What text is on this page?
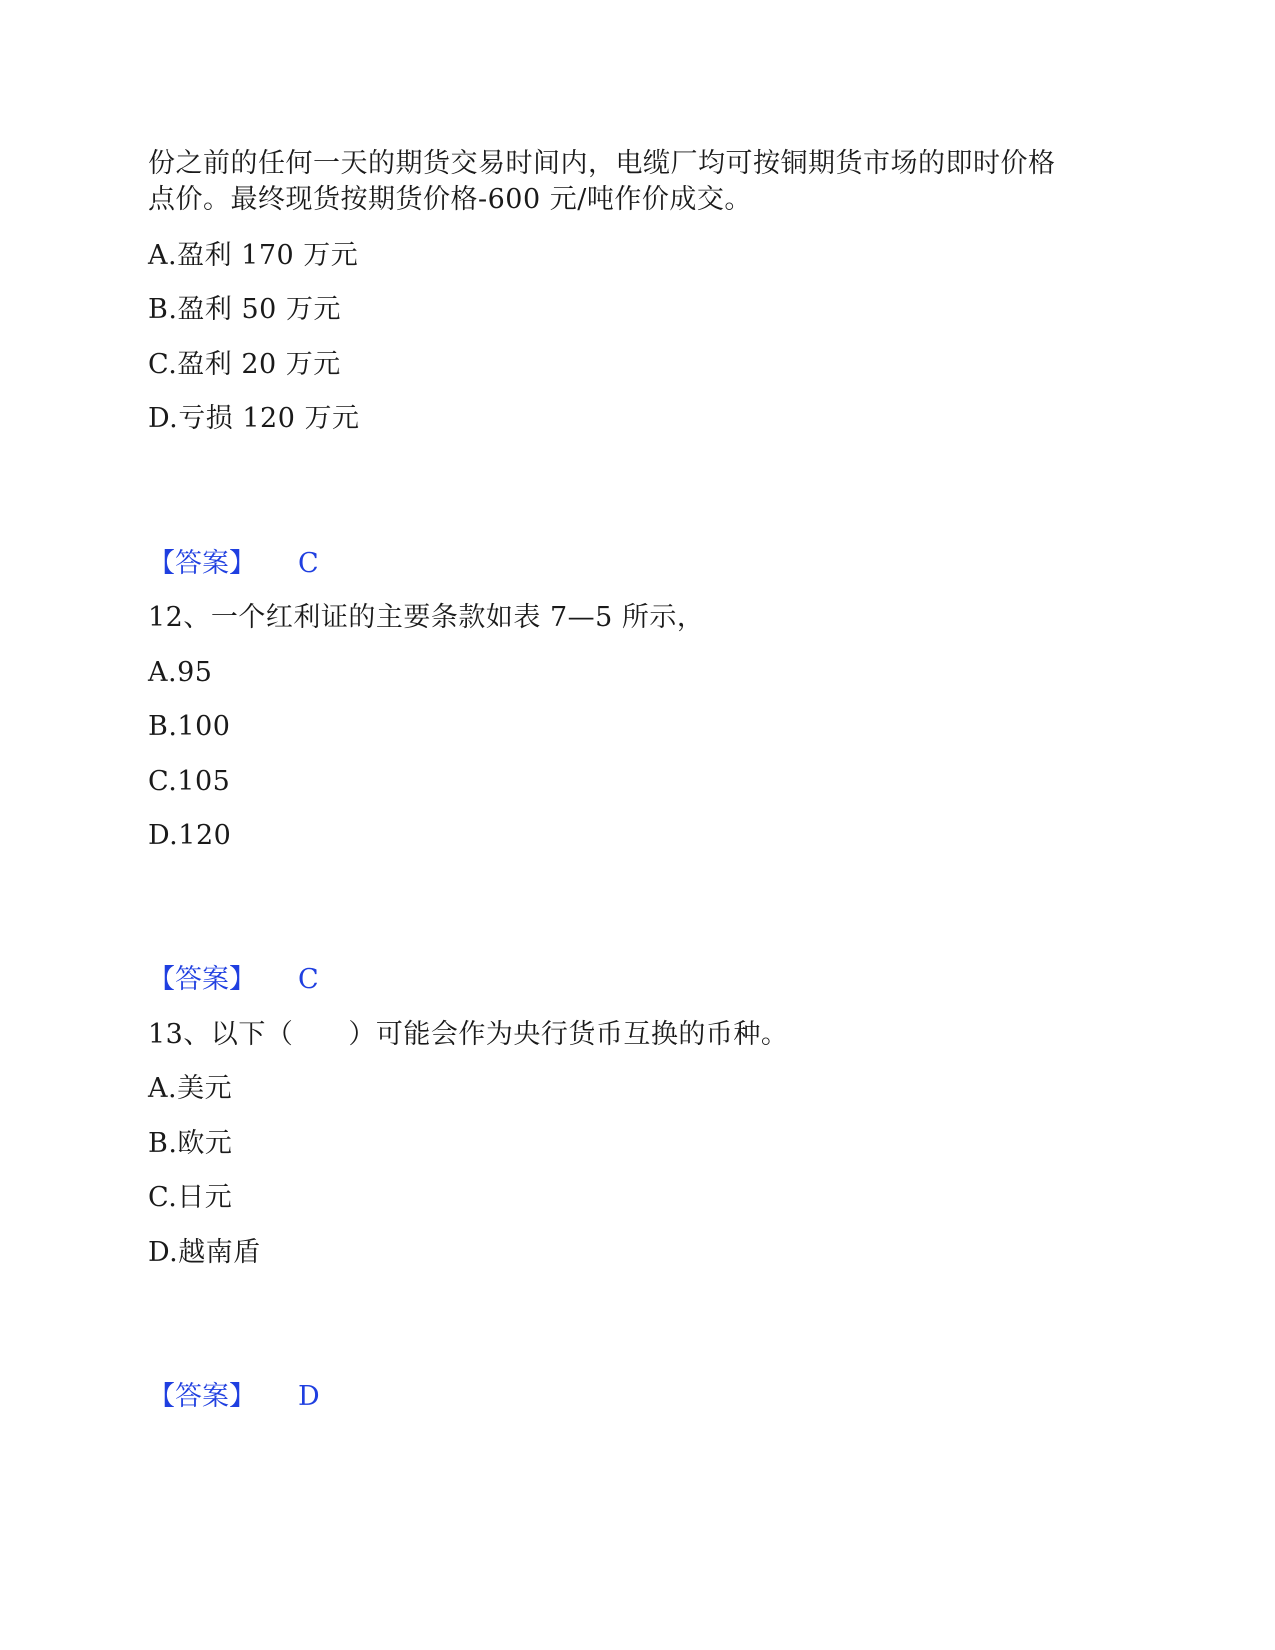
份之前的任何一天的期货交易时间内，电缆厂均可按铜期货市场的即时价格
点价。最终现货按期货价格-600 元/吨作价成交。
A.盈利 170 万元
B.盈利 50 万元
C.盈利 20 万元
D.亏损 120 万元
【答案】 C
12、一个红利证的主要条款如表 7—5 所示，
A.95
B.100
C.105
D.120
【答案】 C
13、以下（　　）可能会作为央行货币互换的币种。
A.美元
B.欧元
C.日元
D.越南盾
【答案】 D
